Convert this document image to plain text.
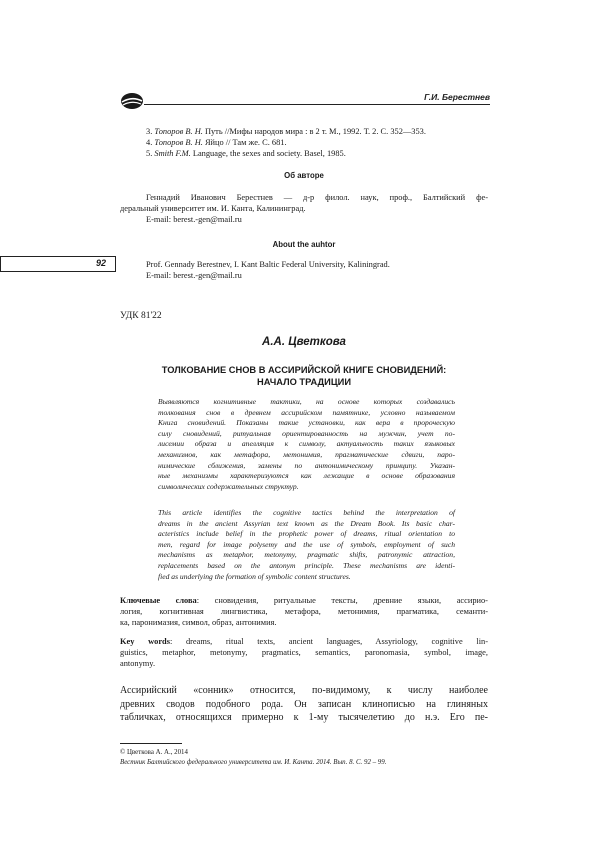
Г.И. Берестнев
3. Топоров В. Н. Путь //Мифы народов мира : в 2 т. М., 1992. Т. 2. С. 352—353.
4. Топоров В. Н. Яйцо // Там же. С. 681.
5. Smith F.M. Language, the sexes and society. Basel, 1985.
Об авторе
Геннадий Иванович Берестнев — д-р филол. наук, проф., Балтийский фе-
деральный университет им. И. Канта, Калининград.
E-mail: berest.-gen@mail.ru
About the auhtor
92	Prof. Gennady Berestnev, I. Kant Baltic Federal University, Kaliningrad.
E-mail: berest.-gen@mail.ru
УДК 81'22
А.А. Цветкова
ТОЛКОВАНИЕ СНОВ В АССИРИЙСКОЙ КНИГЕ СНОВИДЕНИЙ:
НАЧАЛО ТРАДИЦИИ
Выявляются когнитивные тактики, на основе которых создавались
толкования снов в древнем ассирийском памятнике, условно называемом
Книга сновидений. Показаны такие установки, как вера в пророческую
силу сновидений, ритуальная ориентированность на мужчин, учет по-
лисемии образа и апелляция к символу, актуальность таких языковых
механизмов, как метафора, метонимия, прагматические сдвиги, паро-
нимические сближения, замены по антонимическому принципу. Указан-
ные механизмы характеризуются как лежащие в основе образования
символических содержательных структур.
This article identifies the cognitive tactics behind the interpretation of
dreams in the ancient Assyrian text known as the Dream Book. Its basic char-
acteristics include belief in the prophetic power of dreams, ritual orientation to
men, regard for image polysemy and the use of symbols, employment of such
mechanisms as metaphor, metonymy, pragmatic shifts, patronymic attraction,
replacements based on the antonym principle. These mechanisms are identi-
fied as underlying the formation of symbolic content structures.
Ключевые слова: сновидения, ритуальные тексты, древние языки, ассирио-
логия, когнитивная лингвистика, метафора, метонимия, прагматика, семанти-
ка, паронимазия, символ, образ, антонимия.
Key words: dreams, ritual texts, ancient languages, Assyriology, cognitive lin-
guistics, metaphor, metonymy, pragmatics, semantics, paronomasia, symbol, image,
antonymy.
Ассирийский «сонник» относится, по-видимому, к числу наиболее
древних сводов подобного рода. Он записан клинописью на глиняных
табличках, относящихся примерно к 1-му тысячелетию до н.э. Его пе-
© Цветкова А. А., 2014
Вестник Балтийского федерального университета им. И. Канта. 2014. Вып. 8. С. 92 – 99.
